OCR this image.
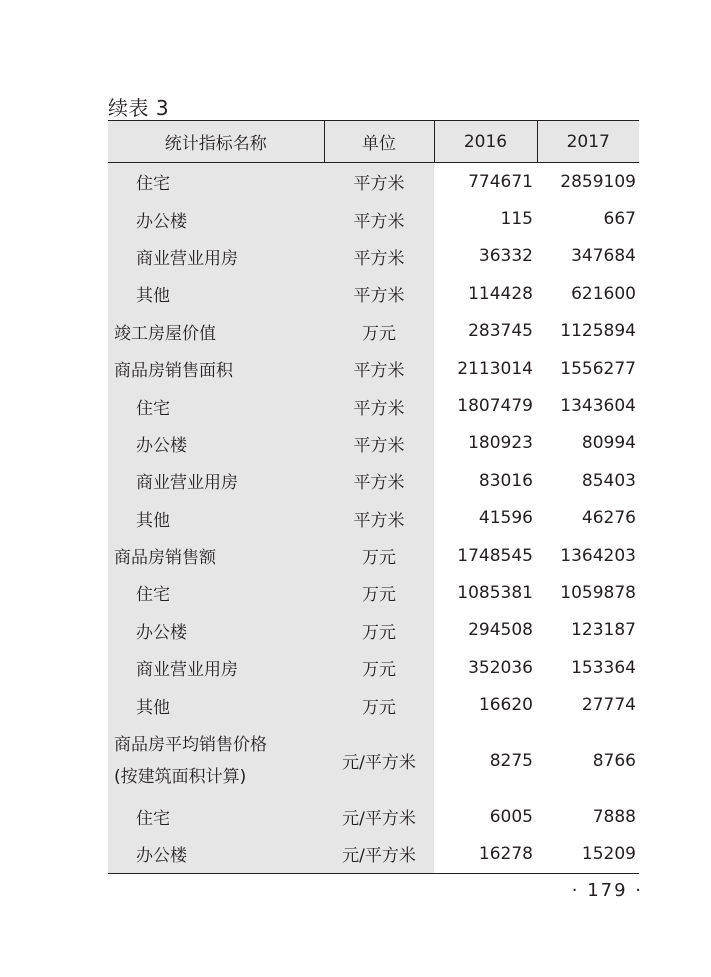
续表 3
统计指标名称	单位	2016	2017
住宅	平方米	774671	2859109
办公楼	平方米	115	667
商业营业用房	平方米	36332	347684
其他	平方米	114428	621600
竣工房屋价值	万元	283745	1125894
商品房销售面积	平方米	2113014	1556277
住宅	平方米	1807479	1343604
办公楼	平方米	180923	80994
商业营业用房	平方米	83016	85403
其他	平方米	41596	46276
商品房销售额	万元	1748545	1364203
住宅	万元	1085381	1059878
办公楼	万元	294508	123187
商业营业用房	万元	352036	153364
其他	万元	16620	27774

商品房平均销售价格
(按建筑面积计算)	元/平方米	8275	8766
住宅	元/平方米	6005	7888
办公楼	元/平方米	16278	15209
· 179 ·
